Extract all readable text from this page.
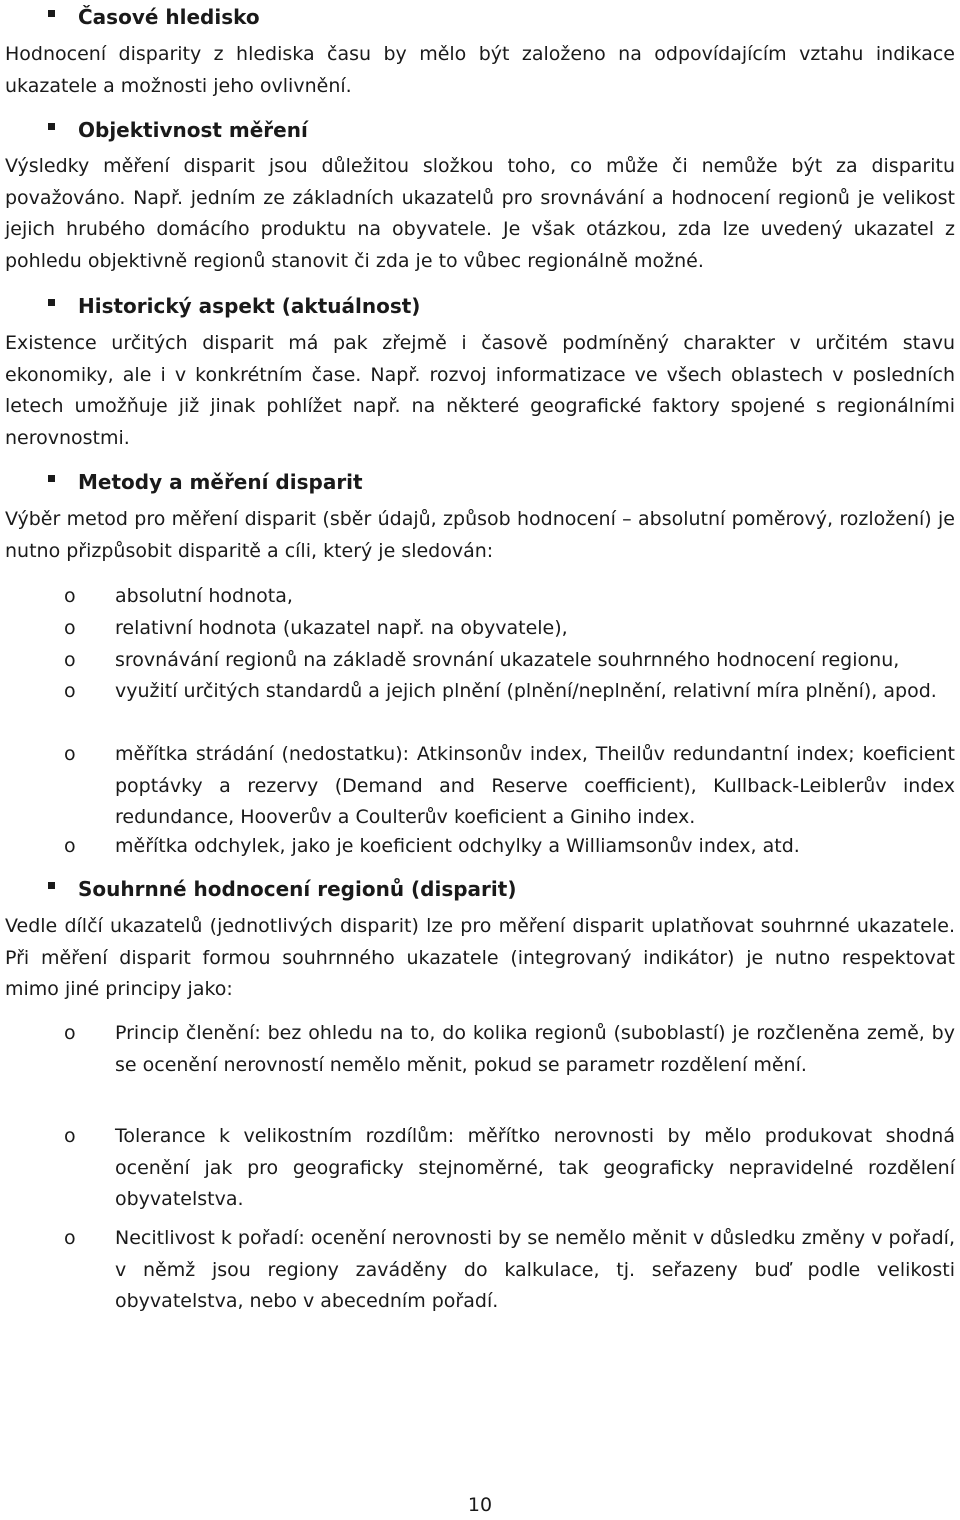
Časové hledisko

Hodnocení disparity z hlediska času by mělo být založeno na odpovídajícím vztahu indikace ukazatele a možnosti jeho ovlivnění.

Objektivnost měření

Výsledky měření disparit jsou důležitou složkou toho, co může či nemůže být za disparitu považováno. Např. jedním ze základních ukazatelů pro srovnávání a hodnocení regionů je velikost jejich hrubého domácího produktu na obyvatele. Je však otázkou, zda lze uvedený ukazatel z pohledu objektivně regionů stanovit či zda je to vůbec regionálně možné.

Historický aspekt (aktuálnost)

Existence určitých disparit má pak zřejmě i časově podmíněný charakter v určitém stavu ekonomiky, ale i v konkrétním čase. Např. rozvoj informatizace ve všech oblastech v posledních letech umožňuje již jinak pohlížet např. na některé geografické faktory spojené s regionálními nerovnostmi.

Metody a měření disparit

Výběr metod pro měření disparit (sběr údajů, způsob hodnocení – absolutní poměrový, rozložení) je nutno přizpůsobit disparitě a cíli, který je sledován:

o absolutní hodnota,
o relativní hodnota (ukazatel např. na obyvatele),
o srovnávání regionů na základě srovnání ukazatele souhrnného hodnocení regionu,
o využití určitých standardů a jejich plnění (plnění/neplnění, relativní míra plnění), apod.
o měřítka strádání (nedostatku): Atkinsonův index, Theilův redundantní index; koeficient poptávky a rezervy (Demand and Reserve coefficient), Kullback-Leiblerův index redundance, Hooverův a Coulterův koeficient a Giniho index.
o měřítka odchylek, jako je koeficient odchylky a Williamsonův index, atd.
Souhrnné hodnocení regionů (disparit)

Vedle dílčí ukazatelů (jednotlivých disparit) lze pro měření disparit uplatňovat souhrnné ukazatele. Při měření disparit formou souhrnného ukazatele (integrovaný indikátor) je nutno respektovat mimo jiné principy jako:

o Princip členění: bez ohledu na to, do kolika regionů (suboblastí) je rozčleněna země, by se ocenění nerovností nemělo měnit, pokud se parametr rozdělení mění.
o Tolerance k velikostním rozdílům: měřítko nerovnosti by mělo produkovat shodná ocenění jak pro geograficky stejnoměrné, tak geograficky nepravidelné rozdělení obyvatelstva.
o Necitlivost k pořadí: ocenění nerovnosti by se nemělo měnit v důsledku změny v pořadí, v němž jsou regiony zaváděny do kalkulace, tj. seřazeny buď podle velikosti obyvatelstva, nebo v abecedním pořadí.
10
